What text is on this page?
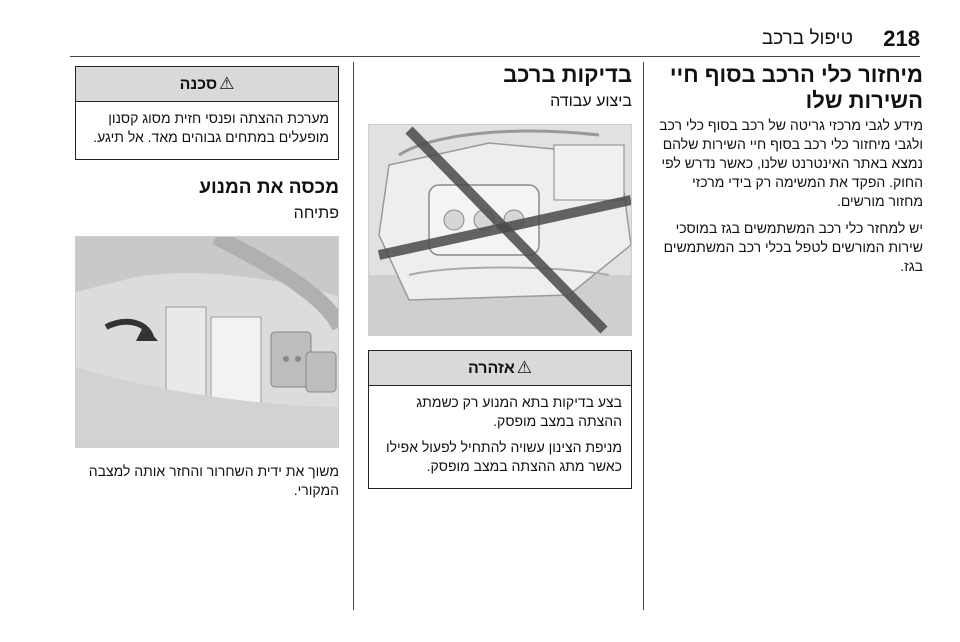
218
טיפול ברכב
מיחזור כלי הרכב בסוף חיי השירות שלו

מידע לגבי מרכזי גריטה של רכב בסוף כלי רכב ולגבי מיחזור כלי רכב בסוף חיי השירות שלהם נמצא באתר האינטרנט שלנו, כאשר נדרש לפי החוק. הפקד את המשימה רק בידי מרכזי מחזור מורשים.

יש למחזר כלי רכב המשתמשים בגז במוסכי שירות המורשים לטפל בכלי רכב המשתמשים בגז.

בדיקות ברכב
ביצוע עבודה
⚠אזהרה

בצע בדיקות בתא המנוע רק כשמתג ההצתה במצב מופסק.

מניפת הצינון עשויה להתחיל לפעול אפילו כאשר מתג ההצתה במצב מופסק.

⚠סכנה

מערכת ההצתה ופנסי חזית מסוג קסנון מופעלים במתחים גבוהים מאד. אל תיגע.

מכסה את המנוע
פתיחה
משוך את ידית השחרור והחזר אותה למצבה המקורי.
